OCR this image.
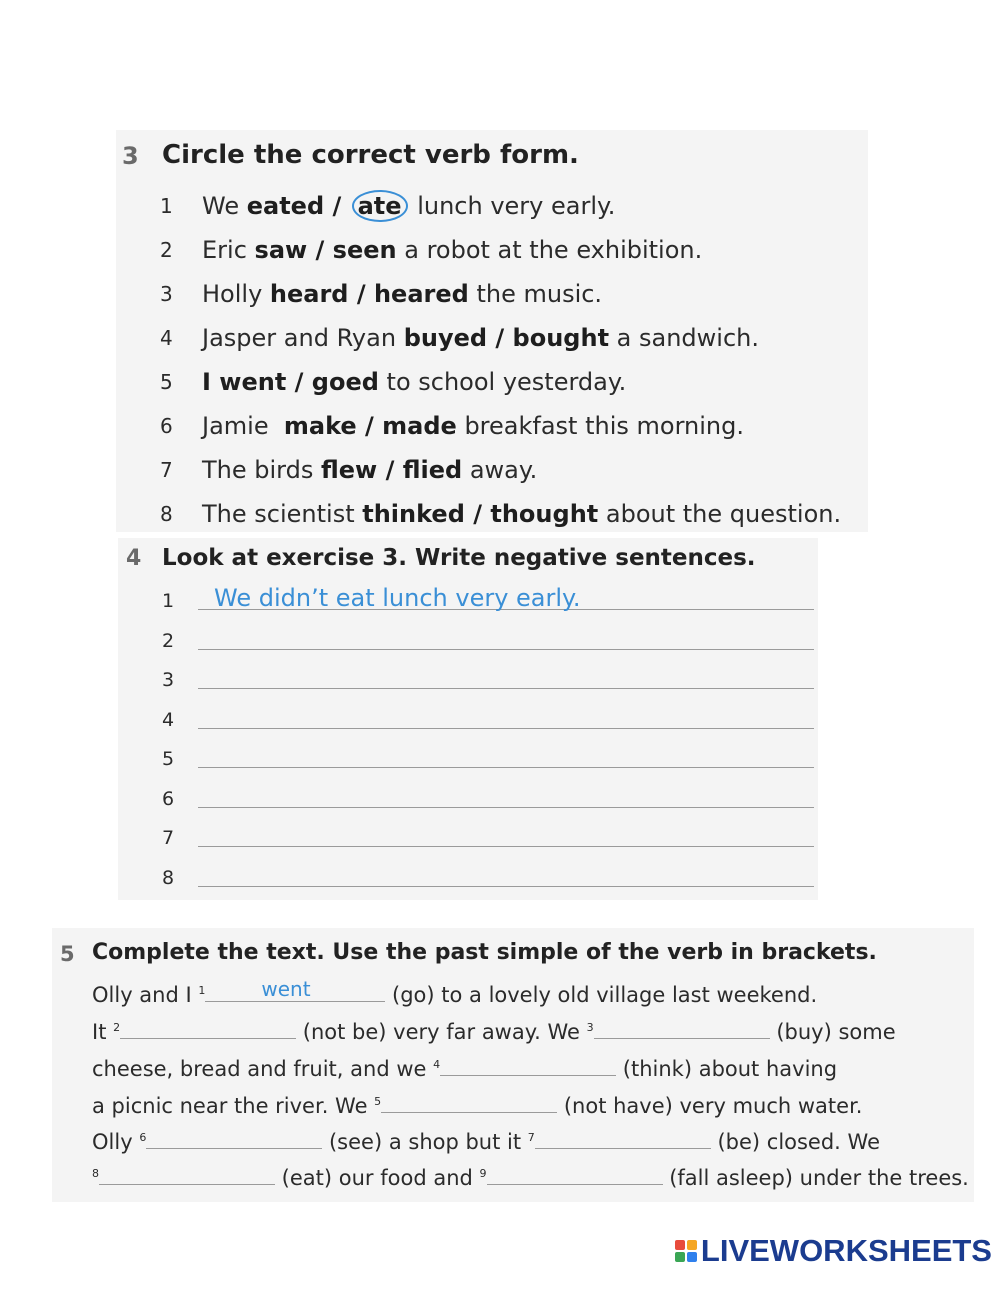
3 Circle the correct verb form.
1	We eated / ate lunch very early.
2	Eric saw / seen a robot at the exhibition.
3	Holly heard / heared the music.
4	Jasper and Ryan buyed / bought a sandwich.
5	I went / goed to school yesterday.
6	Jamie make / made breakfast this morning.
7	The birds flew / flied away.
8	The scientist thinked / thought about the question.
4 Look at exercise 3. Write negative sentences.
1 We didn’t eat lunch very early.
2
3
4
5
6
7
8
5 Complete the text. Use the past simple of the verb in brackets.
Olly and I $^1$	went	(go) to a lovely old village last weekend.
It $^2$	(not be) very far away. We $^3$	(buy) some
cheese, bread and fruit, and we $^4$	(think) about having
a picnic near the river. We $^5$	(not have) very much water.
Olly $^6$	(see) a shop but it $^7$	(be) closed. We
$^8$	(eat) our food and $^9$	(fall asleep) under the trees.
LIVEWORKSHEETS
